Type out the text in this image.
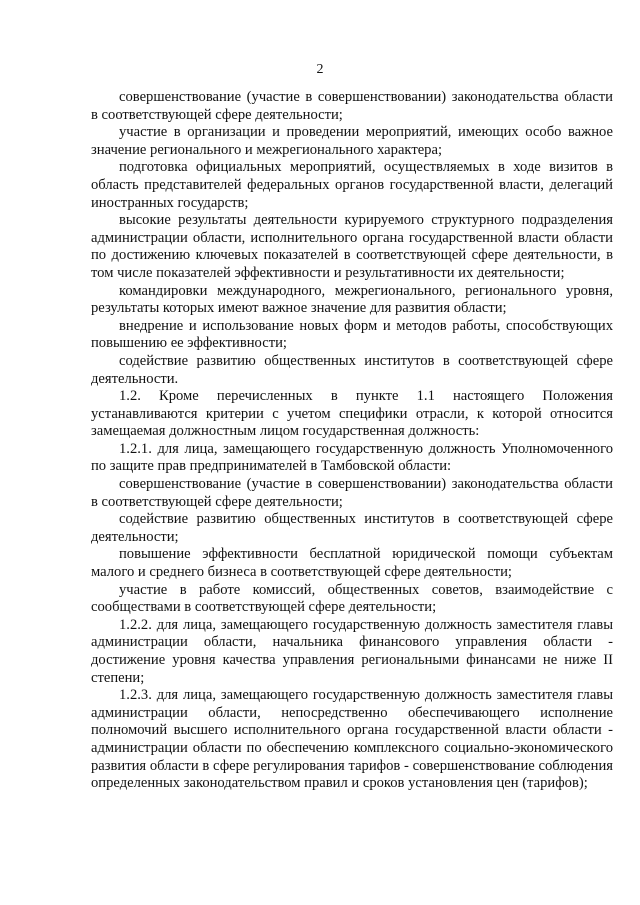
2

совершенствование (участие в совершенствовании) законодательства области в соответствующей сфере деятельности;

участие в организации и проведении мероприятий, имеющих особо важное значение регионального и межрегионального характера;

подготовка официальных мероприятий, осуществляемых в ходе визитов в область представителей федеральных органов государственной власти, делегаций иностранных государств;

высокие результаты деятельности курируемого структурного подразделения администрации области, исполнительного органа государственной власти области по достижению ключевых показателей в соответствующей сфере деятельности, в том числе показателей эффективности и результативности их деятельности;

командировки международного, межрегионального, регионального уровня, результаты которых имеют важное значение для развития области;

внедрение и использование новых форм и методов работы, способствующих повышению ее эффективности;

содействие развитию общественных институтов в соответствующей сфере деятельности.

1.2. Кроме перечисленных в пункте 1.1 настоящего Положения устанавливаются критерии с учетом специфики отрасли, к которой относится замещаемая должностным лицом государственная должность:

1.2.1. для лица, замещающего государственную должность Уполномоченного по защите прав предпринимателей в Тамбовской области:

совершенствование (участие в совершенствовании) законодательства области в соответствующей сфере деятельности;

содействие развитию общественных институтов в соответствующей сфере деятельности;

повышение эффективности бесплатной юридической помощи субъектам малого и среднего бизнеса в соответствующей сфере деятельности;

участие в работе комиссий, общественных советов, взаимодействие с сообществами в соответствующей сфере деятельности;

1.2.2. для лица, замещающего государственную должность заместителя главы администрации области, начальника финансового управления области - достижение уровня качества управления региональными финансами не ниже II степени;

1.2.3. для лица, замещающего государственную должность заместителя главы администрации области, непосредственно обеспечивающего исполнение полномочий высшего исполнительного органа государственной власти области - администрации области по обеспечению комплексного социально-экономического развития области в сфере регулирования тарифов - совершенствование соблюдения определенных законодательством правил и сроков установления цен (тарифов);
